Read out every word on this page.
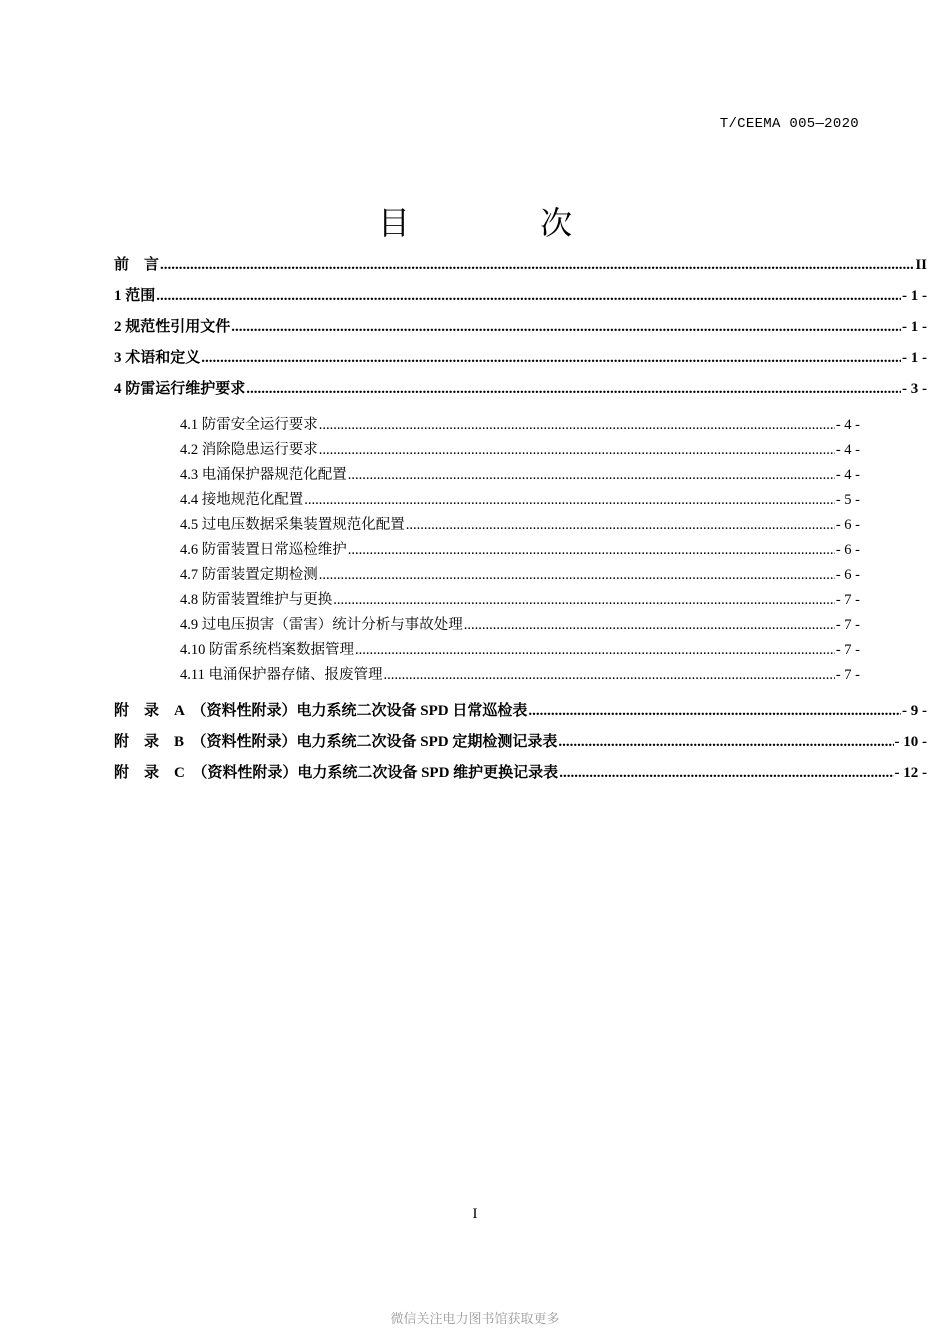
T/CEEMA 005—2020
目 次
前　言 .....	II
1 范围 .....	- 1 -
2 规范性引用文件 .....	- 1 -
3 术语和定义 .....	- 1 -
4 防雷运行维护要求 .....	- 3 -
4.1 防雷安全运行要求 .....	- 4 -
4.2 消除隐患运行要求 .....	- 4 -
4.3 电涌保护器规范化配置 .....	- 4 -
4.4 接地规范化配置 .....	- 5 -
4.5 过电压数据采集装置规范化配置 .....	- 6 -
4.6 防雷装置日常巡检维护 .....	- 6 -
4.7 防雷装置定期检测 .....	- 6 -
4.8 防雷装置维护与更换 .....	- 7 -
4.9 过电压损害（雷害）统计分析与事故处理 .....	- 7 -
4.10 防雷系统档案数据管理 .....	- 7 -
4.11 电涌保护器存储、报废管理 .....	- 7 -
附　录　A　（资料性附录）电力系统二次设备 SPD 日常巡检表 .....	- 9 -
附　录　B　（资料性附录）电力系统二次设备 SPD 定期检测记录表 .....	- 10 -
附　录　C　（资料性附录）电力系统二次设备 SPD 维护更换记录表 .....	- 12 -
I
微信关注电力图书馆获取更多
